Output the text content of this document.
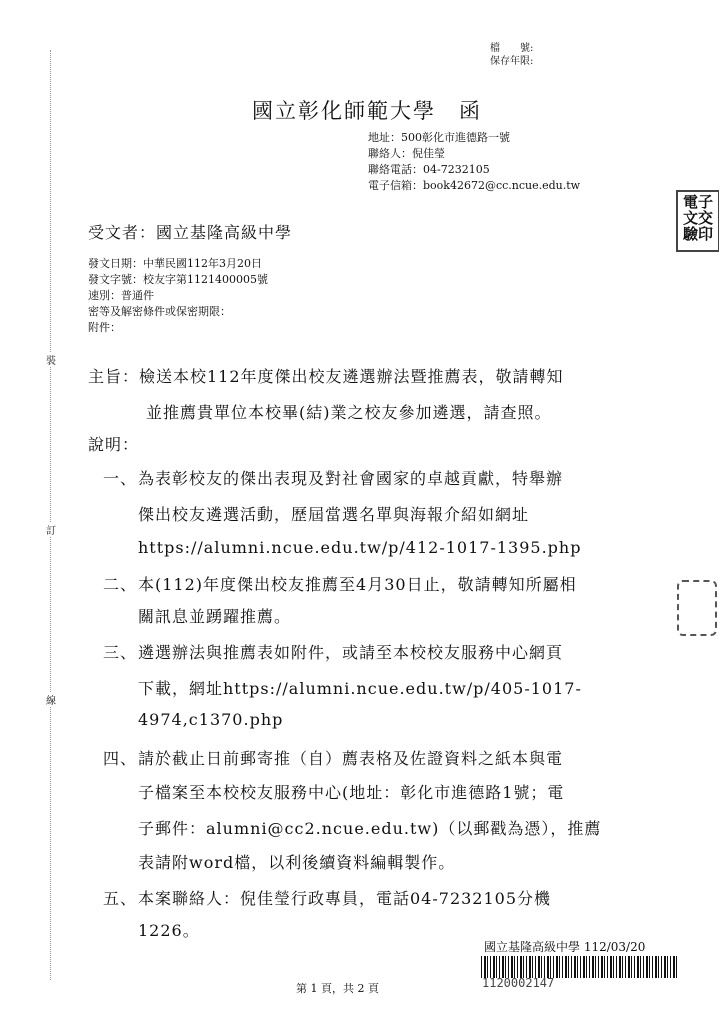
裝
訂
線
檔　　號:
保存年限:
國立彰化師範大學　函
地址：500彰化市進德路一號
聯絡人：倪佳瑩
聯絡電話：04-7232105
電子信箱：book42672@cc.ncue.edu.tw
電子
文交
驗印
受文者：國立基隆高級中學
發文日期：中華民國112年3月20日
發文字號：校友字第1121400005號
速別：普通件
密等及解密條件或保密期限：
附件：
主旨：檢送本校112年度傑出校友遴選辦法暨推薦表，敬請轉知
並推薦貴單位本校畢(結)業之校友參加遴選，請查照。
說明：
一、 為表彰校友的傑出表現及對社會國家的卓越貢獻，特舉辦
傑出校友遴選活動，歷屆當選名單與海報介紹如網址
https://alumni.ncue.edu.tw/p/412-1017-1395.php
二、 本(112)年度傑出校友推薦至4月30日止，敬請轉知所屬相
關訊息並踴躍推薦。
三、 遴選辦法與推薦表如附件，或請至本校校友服務中心網頁
下載，網址https://alumni.ncue.edu.tw/p/405-1017-
4974,c1370.php
四、 請於截止日前郵寄推（自）薦表格及佐證資料之紙本與電
子檔案至本校校友服務中心(地址：彰化市進德路1號；電
子郵件：alumni@cc2.ncue.edu.tw)（以郵戳為憑），推薦
表請附word檔，以利後續資料編輯製作。
五、 本案聯絡人：倪佳瑩行政專員，電話04-7232105分機
1226。
國立基隆高級中學 112/03/20
1120002147
第 1 頁，共 2 頁
